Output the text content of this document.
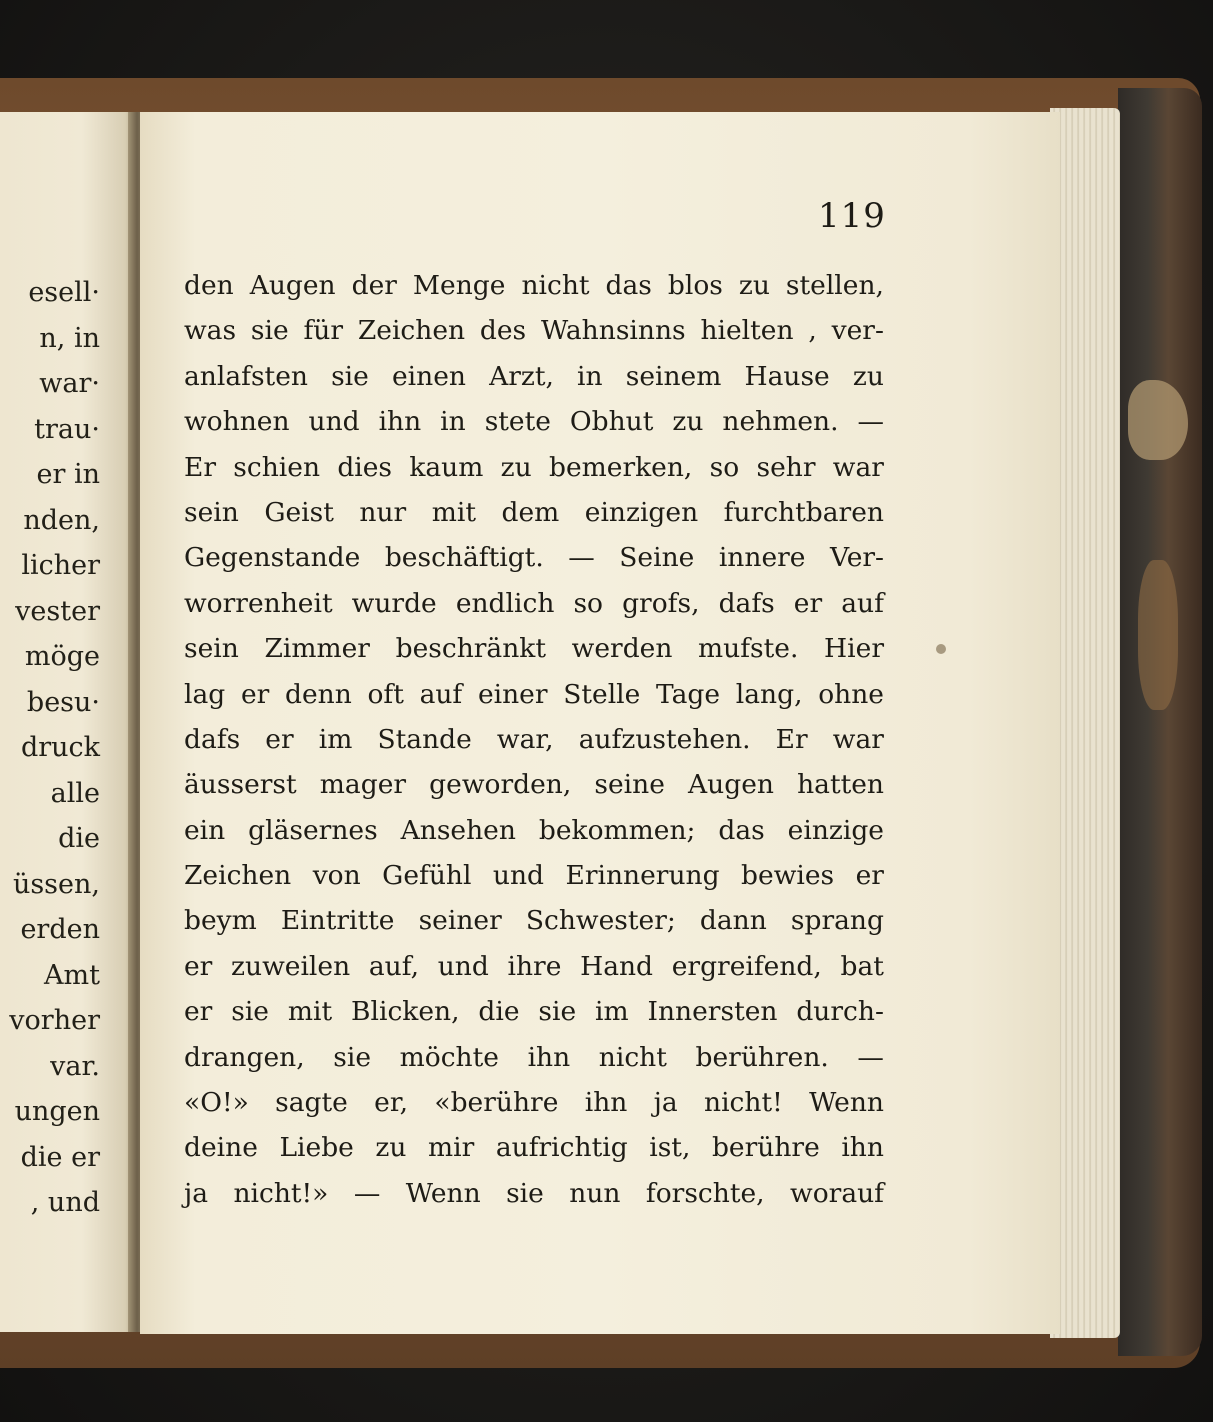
esell·
n, in
war·
trau·
er in
nden,
licher
vester
möge
besu·
druck
alle
die
üssen,
erden
Amt
vorher
var.
ungen
die er
, und
119
den Augen der Menge nicht das blos zu stellen,
was sie für Zeichen des Wahnsinns hielten , ver-
anlafsten sie einen Arzt, in seinem Hause zu
wohnen und ihn in stete Obhut zu nehmen. —
Er schien dies kaum zu bemerken, so sehr war
sein Geist nur mit dem einzigen furchtbaren
Gegenstande beschäftigt. — Seine innere Ver-
worrenheit wurde endlich so grofs, dafs er auf
sein Zimmer beschränkt werden mufste. Hier
lag er denn oft auf einer Stelle Tage lang, ohne
dafs er im Stande war, aufzustehen. Er war
äusserst mager geworden, seine Augen hatten
ein gläsernes Ansehen bekommen; das einzige
Zeichen von Gefühl und Erinnerung bewies er
beym Eintritte seiner Schwester; dann sprang
er zuweilen auf, und ihre Hand ergreifend, bat
er sie mit Blicken, die sie im Innersten durch-
drangen, sie möchte ihn nicht berühren. —
«O!» sagte er, «berühre ihn ja nicht! Wenn
deine Liebe zu mir aufrichtig ist, berühre ihn
ja nicht!» — Wenn sie nun forschte, worauf
